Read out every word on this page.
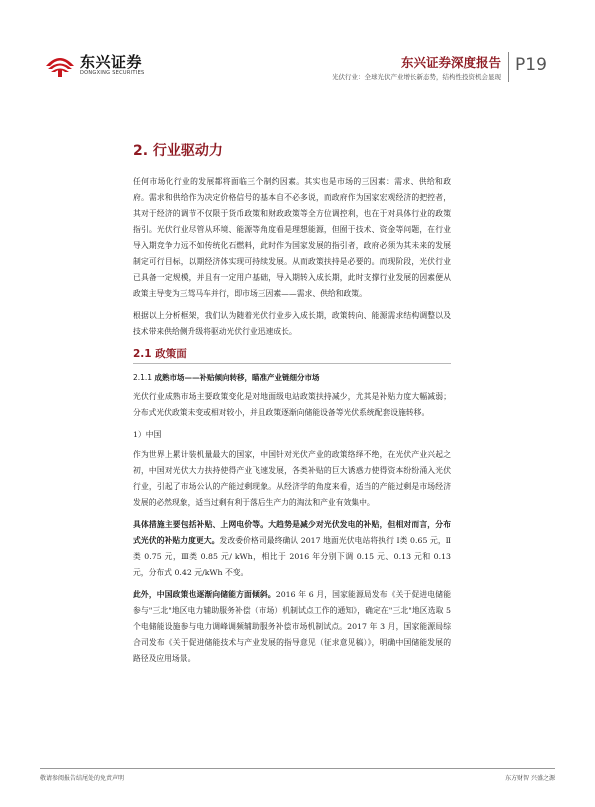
东兴证券
DONGXING SECURITIES
东兴证券深度报告
光伏行业：全球光伏产业增长新态势，结构性投资机会显现
P19
2. 行业驱动力

任何市场化行业的发展都将面临三个制约因素。其实也是市场的三因素：需求、供给和政府。需求和供给作为决定价格信号的基本自不必多说，而政府作为国家宏观经济的把控者，其对于经济的调节不仅限于货币政策和财政政策等全方位调控利，也在于对具体行业的政策指引。光伏行业尽管从环境、能源等角度看是理想能源，但囿于技术、资金等问题，在行业导入期竞争力远不如传统化石燃料，此时作为国家发展的指引者，政府必须为其未来的发展制定可行目标，以期经济体实现可持续发展。从而政策扶持是必要的。而现阶段，光伏行业已具备一定规模，并且有一定用户基础，导入期转入成长期，此时支撑行业发展的因素便从政策主导变为三驾马车并行，即市场三因素——需求、供给和政策。

根据以上分析框架，我们认为随着光伏行业步入成长期，政策转向、能源需求结构调整以及技术带来供给侧升级将驱动光伏行业迅速成长。

2.1 政策面
2.1.1 成熟市场——补贴倾向转移，瞄准产业链细分市场

光伏行业成熟市场主要政策变化是对地面级电站政策扶持减少，尤其是补贴力度大幅减弱；分布式光伏政策未变或相对较小，并且政策逐渐向储能设备等光伏系统配套设施转移。

1）中国

作为世界上累计装机量最大的国家，中国针对光伏产业的政策络绎不绝，在光伏产业兴起之初，中国对光伏大力扶持使得产业飞速发展，各类补贴的巨大诱惑力使得资本纷纷涌入光伏行业，引起了市场公认的产能过剩现象。从经济学的角度来看，适当的产能过剩是市场经济发展的必然现象，适当过剩有利于落后生产力的淘汰和产业有效集中。

具体措施主要包括补贴、上网电价等。大趋势是减少对光伏发电的补贴，但相对而言，分布式光伏的补贴力度更大。发改委价格司最终确认 2017 地面光伏电站将执行 Ⅰ类 0.65 元，Ⅱ类 0.75 元，Ⅲ类 0.85 元/ kWh，相比于 2016 年分别下调 0.15 元、0.13 元和 0.13 元，分布式 0.42 元/kWh 不变。

此外，中国政策也逐渐向储能方面倾斜。2016 年 6 月，国家能源局发布《关于促进电储能参与"三北"地区电力辅助服务补偿（市场）机制试点工作的通知》，确定在"三北"地区选取 5 个电储能设施参与电力调峰调频辅助服务补偿市场机制试点。2017 年 3 月，国家能源局综合司发布《关于促进储能技术与产业发展的指导意见（征求意见稿）》，明确中国储能发展的路径及应用场景。

敬请参阅报告结尾处的免责声明	东方财智 兴盛之源
